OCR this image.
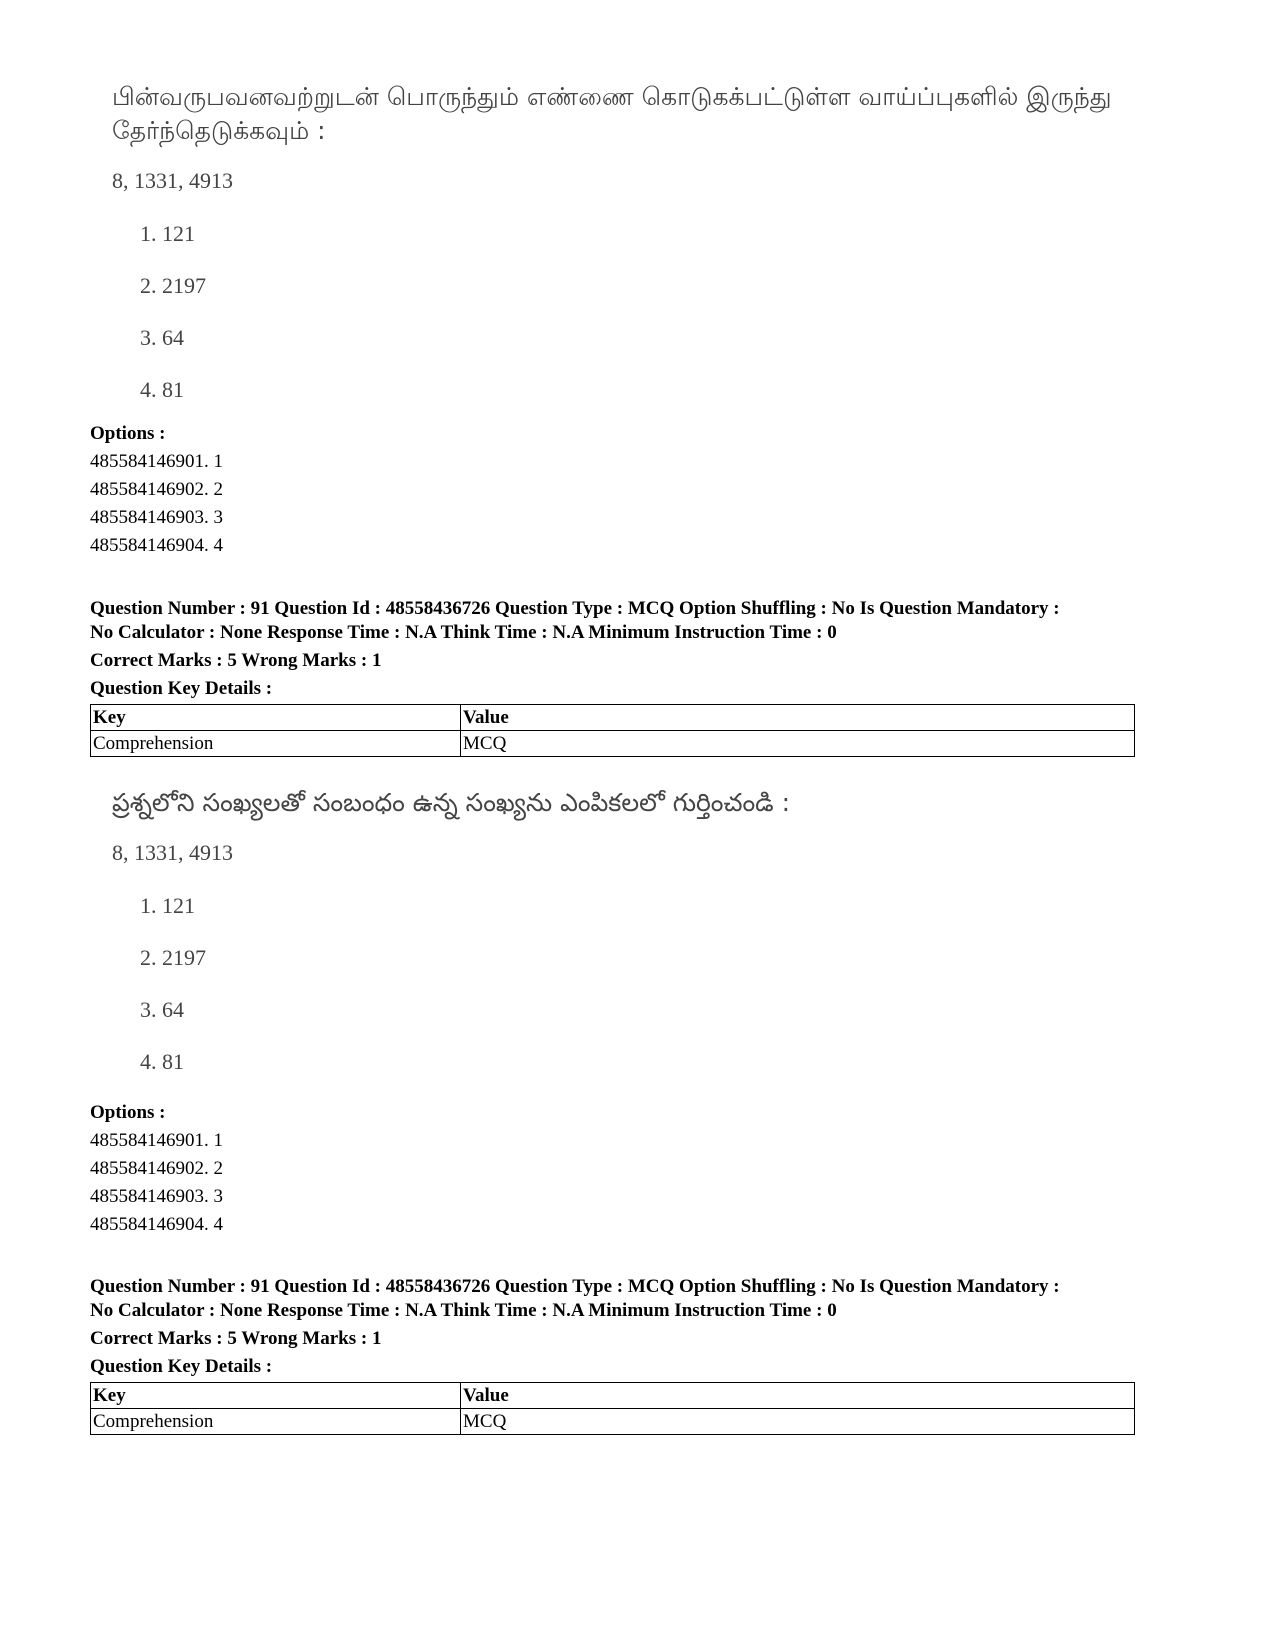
பின்வருபவனவற்றுடன் பொருந்தும் எண்ணை கொடுகக்பட்டுள்ள வாய்ப்புகளில் இருந்து தேர்ந்தெடுக்கவும் :
8, 1331, 4913
1. 121
2. 2197
3. 64
4. 81
Options :
485584146901. 1
485584146902. 2
485584146903. 3
485584146904. 4
Question Number : 91 Question Id : 48558436726 Question Type : MCQ Option Shuffling : No Is Question Mandatory :
No Calculator : None Response Time : N.A Think Time : N.A Minimum Instruction Time : 0
Correct Marks : 5 Wrong Marks : 1
Question Key Details :
Key	Value
Comprehension	MCQ
ప్రశ్నలోని సంఖ్యలతో సంబంధం ఉన్న సంఖ్యను ఎంపికలలో గుర్తించండి :
8, 1331, 4913
1. 121
2. 2197
3. 64
4. 81
Options :
485584146901. 1
485584146902. 2
485584146903. 3
485584146904. 4
Question Number : 91 Question Id : 48558436726 Question Type : MCQ Option Shuffling : No Is Question Mandatory :
No Calculator : None Response Time : N.A Think Time : N.A Minimum Instruction Time : 0
Correct Marks : 5 Wrong Marks : 1
Question Key Details :
Key	Value
Comprehension	MCQ
